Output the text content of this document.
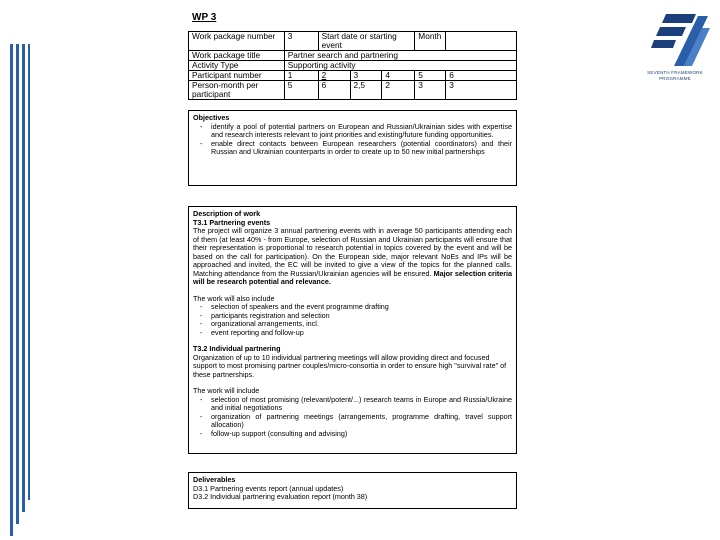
SEVENTH FRAMEWORK
PROGRAMME
WP 3
Work package number	3	Start date or starting event			Month	
Work package title	Partner search and partnering					
Activity Type	Supporting activity					
Participant number	1	2	3	4	5	6
Person-month per participant	5	6	2,5	2	3	3

Objectives

- identify a pool of potential partners on European and Russian/Ukrainian sides with expertise and research interests relevant to joint priorities and existing/future funding opportunities.
- enable direct contacts between European researchers (potential coordinators) and their Russian and Ukrainian counterparts in order to create up to 50 new initial partnerships

Description of work

T3.1 Partnering events

The project will organize 3 annual partnering events with in average 50 participants attending each of them (at least 40% - from Europe, selection of Russian and Ukrainian participants will ensure that their representation is proportional to research potential in topics covered by the event and will be based on the call for participation). On the European side, major relevant NoEs and IPs will be approached and invited, the EC will be invited to give a view of the topics for the planned calls. Matching attendance from the Russian/Ukrainian agencies will be ensured. Major selection criteria will be research potential and relevance.

The work will also include

- selection of speakers and the event programme drafting
- participants registration and selection
- organizational arrangements, incl.
- event reporting and follow-up

T3.2 Individual partnering

Organization of up to 10 individual partnering meetings will allow providing direct and focused support to most promising partner couples/micro-consortia in order to ensure high "survival rate" of these partnerships.

The work will include

- selection of most promising (relevant/potent/...) research teams in Europe and Russia/Ukraine and initial negotiations
- organization of partnering meetings (arrangements, programme drafting, travel support allocation)
- follow-up support (consulting and advising)

Deliverables

D3.1 Partnering events report (annual updates)

D3.2 Individual partnering evaluation report (month 38)
